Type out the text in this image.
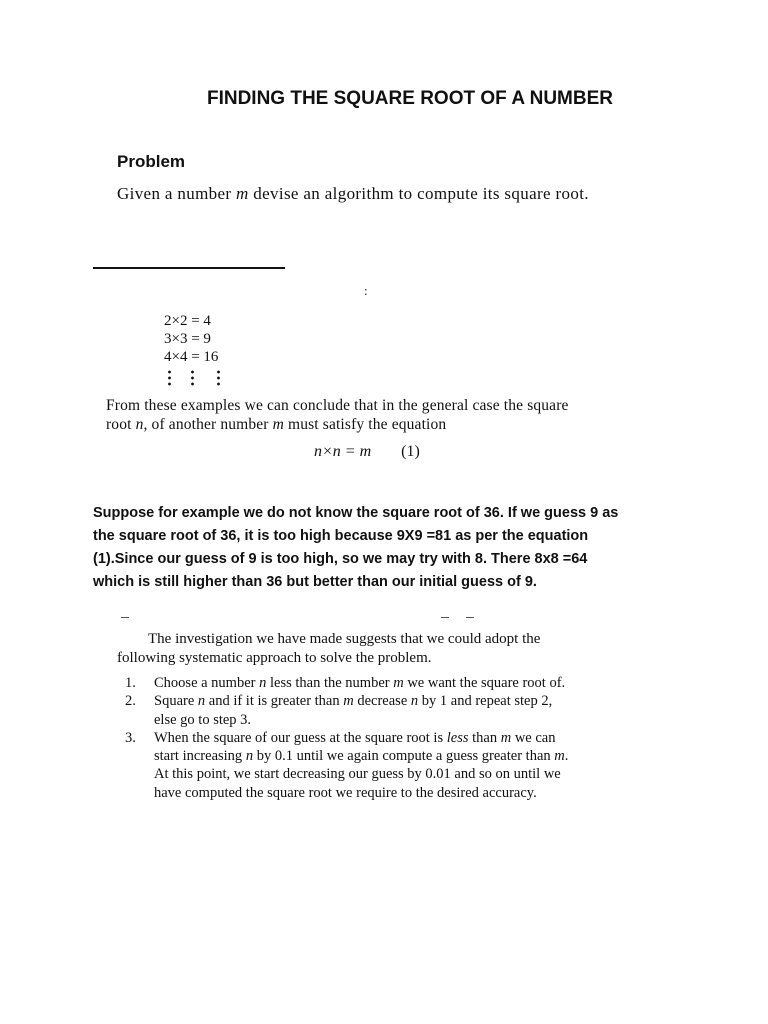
FINDING THE SQUARE ROOT OF A NUMBER
Problem
Given a number m devise an algorithm to compute its square root.
:
2×2 = 4
3×3 = 9
4×4 = 16
From these examples we can conclude that in the general case the square
root n, of another number m must satisfy the equation
n×n = m (1)
Suppose for example we do not know the square root of 36. If we guess 9 as
the square root of 36, it is too high because 9X9 =81 as per the equation
(1).Since our guess of 9 is too high, so we may try with 8. There 8x8 =64
which is still higher than 36 but better than our initial guess of 9.
The investigation we have made suggests that we could adopt the
following systematic approach to solve the problem.
1. Choose a number n less than the number m we want the square root of.
2. Square n and if it is greater than m decrease n by 1 and repeat step 2,
else go to step 3.
3. When the square of our guess at the square root is less than m we can
start increasing n by 0.1 until we again compute a guess greater than m.
At this point, we start decreasing our guess by 0.01 and so on until we
have computed the square root we require to the desired accuracy.
